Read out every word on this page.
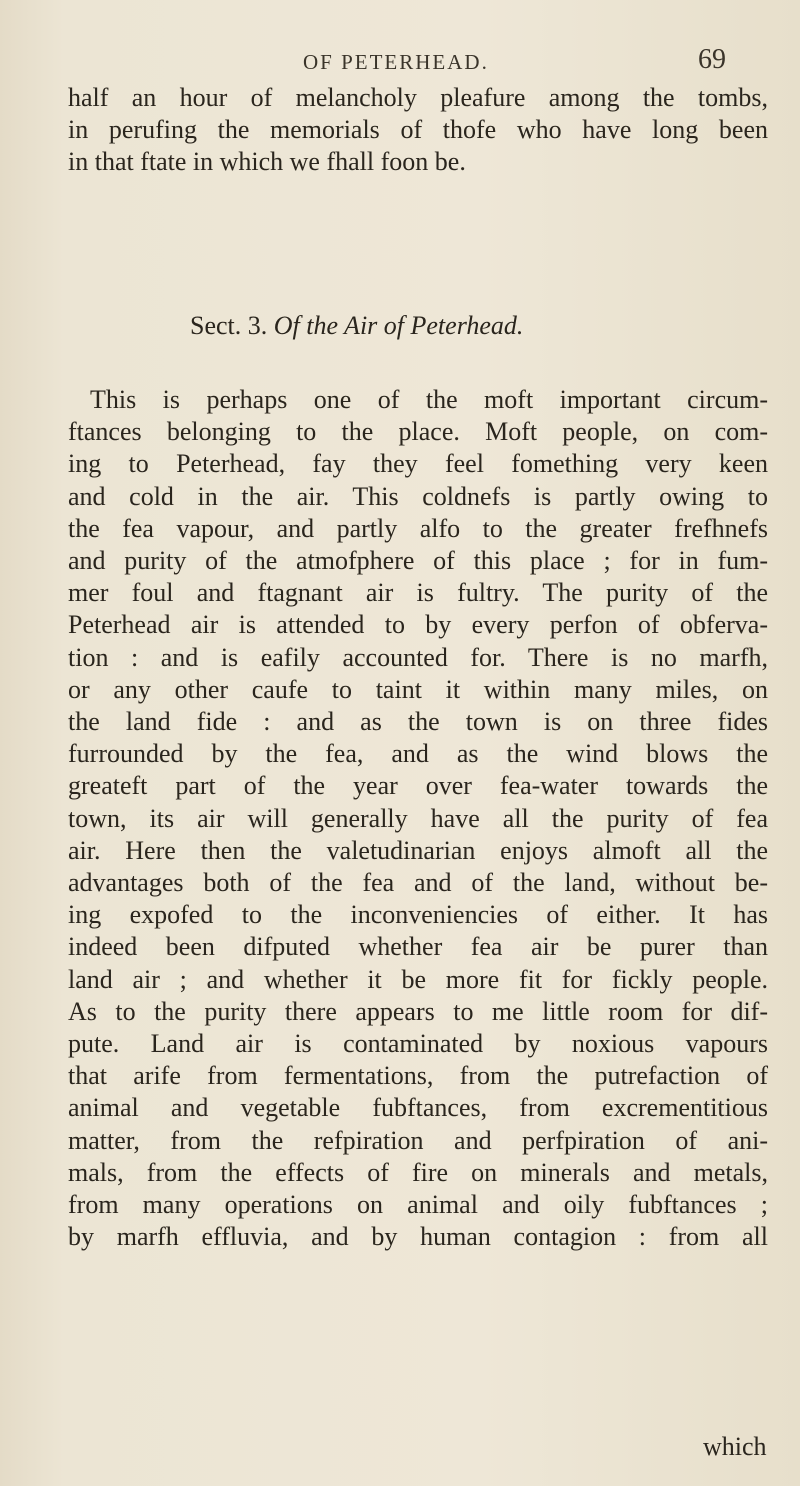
OF PETERHEAD.	69
half an hour of melancholy pleafure among the tombs,
in perufing the memorials of thofe who have long been
in that ftate in which we fhall foon be.
Sect. 3. Of the Air of Peterhead.
This is perhaps one of the moft important circum-
ftances belonging to the place. Moft people, on com-
ing to Peterhead, fay they feel fomething very keen
and cold in the air. This coldnefs is partly owing to
the fea vapour, and partly alfo to the greater frefhnefs
and purity of the atmofphere of this place ; for in fum-
mer foul and ftagnant air is fultry. The purity of the
Peterhead air is attended to by every perfon of obferva-
tion : and is eafily accounted for. There is no marfh,
or any other caufe to taint it within many miles, on
the land fide : and as the town is on three fides
furrounded by the fea, and as the wind blows the
greateft part of the year over fea-water towards the
town, its air will generally have all the purity of fea
air. Here then the valetudinarian enjoys almoft all the
advantages both of the fea and of the land, without be-
ing expofed to the inconveniencies of either. It has
indeed been difputed whether fea air be purer than
land air ; and whether it be more fit for fickly people.
As to the purity there appears to me little room for dif-
pute. Land air is contaminated by noxious vapours
that arife from fermentations, from the putrefaction of
animal and vegetable fubftances, from excrementitious
matter, from the refpiration and perfpiration of ani-
mals, from the effects of fire on minerals and metals,
from many operations on animal and oily fubftances ;
by marfh effluvia, and by human contagion : from all
which
